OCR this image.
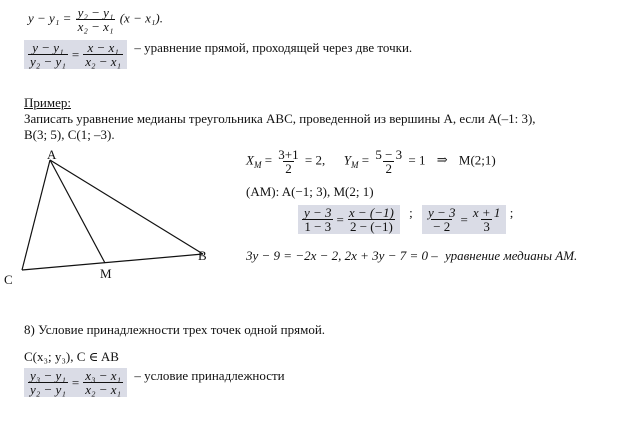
$y - y_1 = \frac{\text{y₂ − y₁}}{\text{x₂ − x₁}} (x - x_1)$.
$\frac{\text{y − y₁}}{\text{y₂ − y₁}} = \frac{\text{x − x₁}}{\text{x₂ − x₁}}$ – уравнение прямой, проходящей через две точки.
Пример:
Записать уравнение медианы треугольника ABC, проведенной из вершины A, если A(–1: 3),
B(3; 5), C(1; –3).
A
B
C	M
$X_M = \frac{3+1}{2} = 2$, $Y_M = \frac{5 - 3}{2} = 1$ ⇒ M(2;1)
(AM): A(−1; 3), M(2; 1)
$\frac{y - 3}{1 - 3} = \frac{x - (-1)}{2 - (-1)}$ ; $\frac{y - 3}{- 2} = \frac{x + 1}{3}$ ;
3y − 9 = −2x − 2, 2x + 3y − 7 = 0 – уравнение медианы AM.
8) Условие принадлежности трех точек одной прямой.
C(x₃; y₃), C ∈ AB
$\frac{\text{y₃ − y₁}}{\text{y₂ − y₁}} = \frac{\text{x₃ − x₁}}{\text{x₂ − x₁}}$ – условие принадлежности
